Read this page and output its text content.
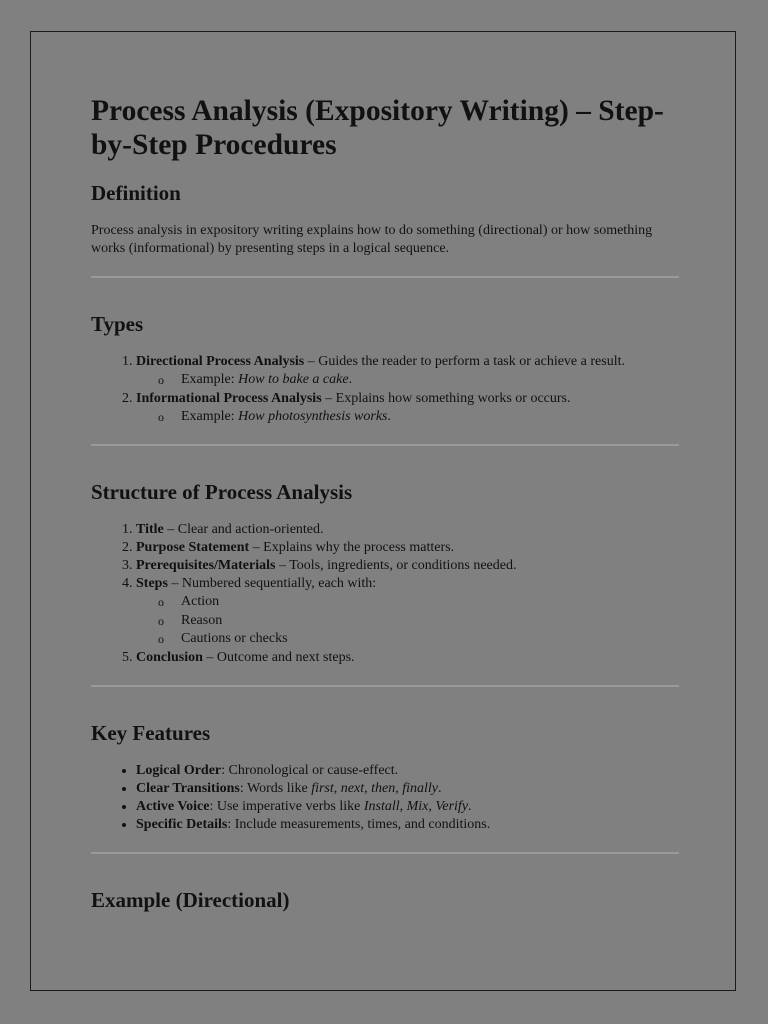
Process Analysis (Expository Writing) – Step-by-Step Procedures
Definition

Process analysis in expository writing explains how to do something (directional) or how something works (informational) by presenting steps in a logical sequence.

Types
1. Directional Process Analysis – Guides the reader to perform a task or achieve a result.
o Example: How to bake a cake.
2. Informational Process Analysis – Explains how something works or occurs.
o Example: How photosynthesis works.
Structure of Process Analysis
1. Title – Clear and action-oriented.
2. Purpose Statement – Explains why the process matters.
3. Prerequisites/Materials – Tools, ingredients, or conditions needed.
4. Steps – Numbered sequentially, each with:
o Action
o Reason
o Cautions or checks
5. Conclusion – Outcome and next steps.
Key Features
• Logical Order: Chronological or cause-effect.
• Clear Transitions: Words like first, next, then, finally.
• Active Voice: Use imperative verbs like Install, Mix, Verify.
• Specific Details: Include measurements, times, and conditions.
Example (Directional)
